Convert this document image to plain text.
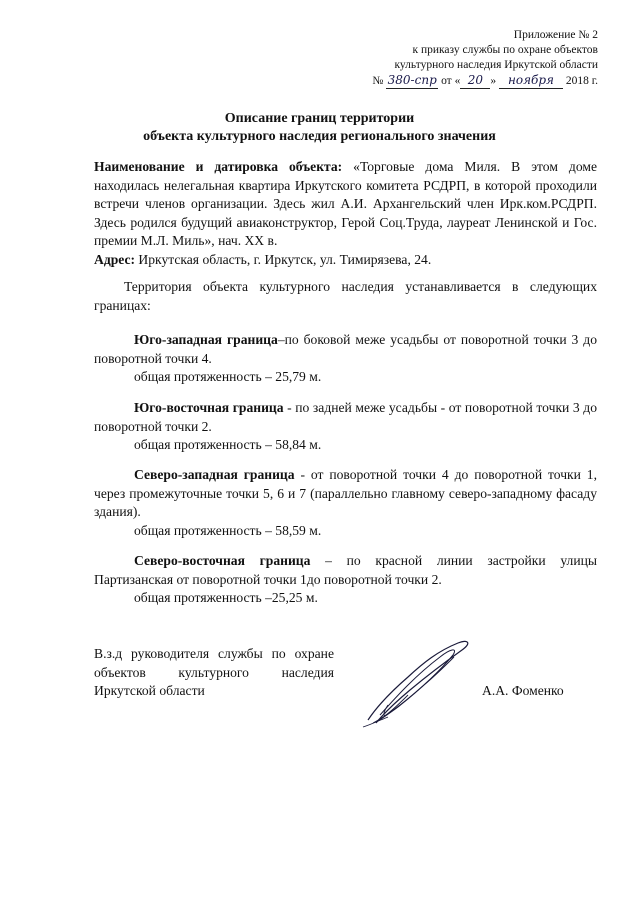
Приложение № 2
к приказу службы по охране объектов
культурного наследия Иркутской области
№ 380-спр от « 20 » ноября 2018 г.
Описание границ территории
объекта культурного наследия регионального значения

Наименование и датировка объекта: «Торговые дома Миля. В этом доме находилась нелегальная квартира Иркутского комитета РСДРП, в которой проходили встречи членов организации. Здесь жил А.И. Архангельский член Ирк.ком.РСДРП. Здесь родился будущий авиаконструктор, Герой Соц.Труда, лауреат Ленинской и Гос. премии М.Л. Миль», нач. XX в.

Адрес: Иркутская область, г. Иркутск, ул. Тимирязева, 24.

Территория объекта культурного наследия устанавливается в следующих границах:

Юго-западная граница–по боковой меже усадьбы от поворотной точки 3 до поворотной точки 4.

общая протяженность – 25,79 м.

Юго-восточная граница - по задней меже усадьбы - от поворотной точки 3 до поворотной точки 2.

общая протяженность – 58,84 м.

Северо-западная граница - от поворотной точки 4 до поворотной точки 1, через промежуточные точки 5, 6 и 7 (параллельно главному северо-западному фасаду здания).

общая протяженность – 58,59 м.

Северо-восточная граница – по красной линии застройки улицы Партизанская от поворотной точки 1до поворотной точки 2.

общая протяженность –25,25 м.

В.з.д руководителя службы по охране объектов культурного наследия Иркутской области	А.А. Фоменко
